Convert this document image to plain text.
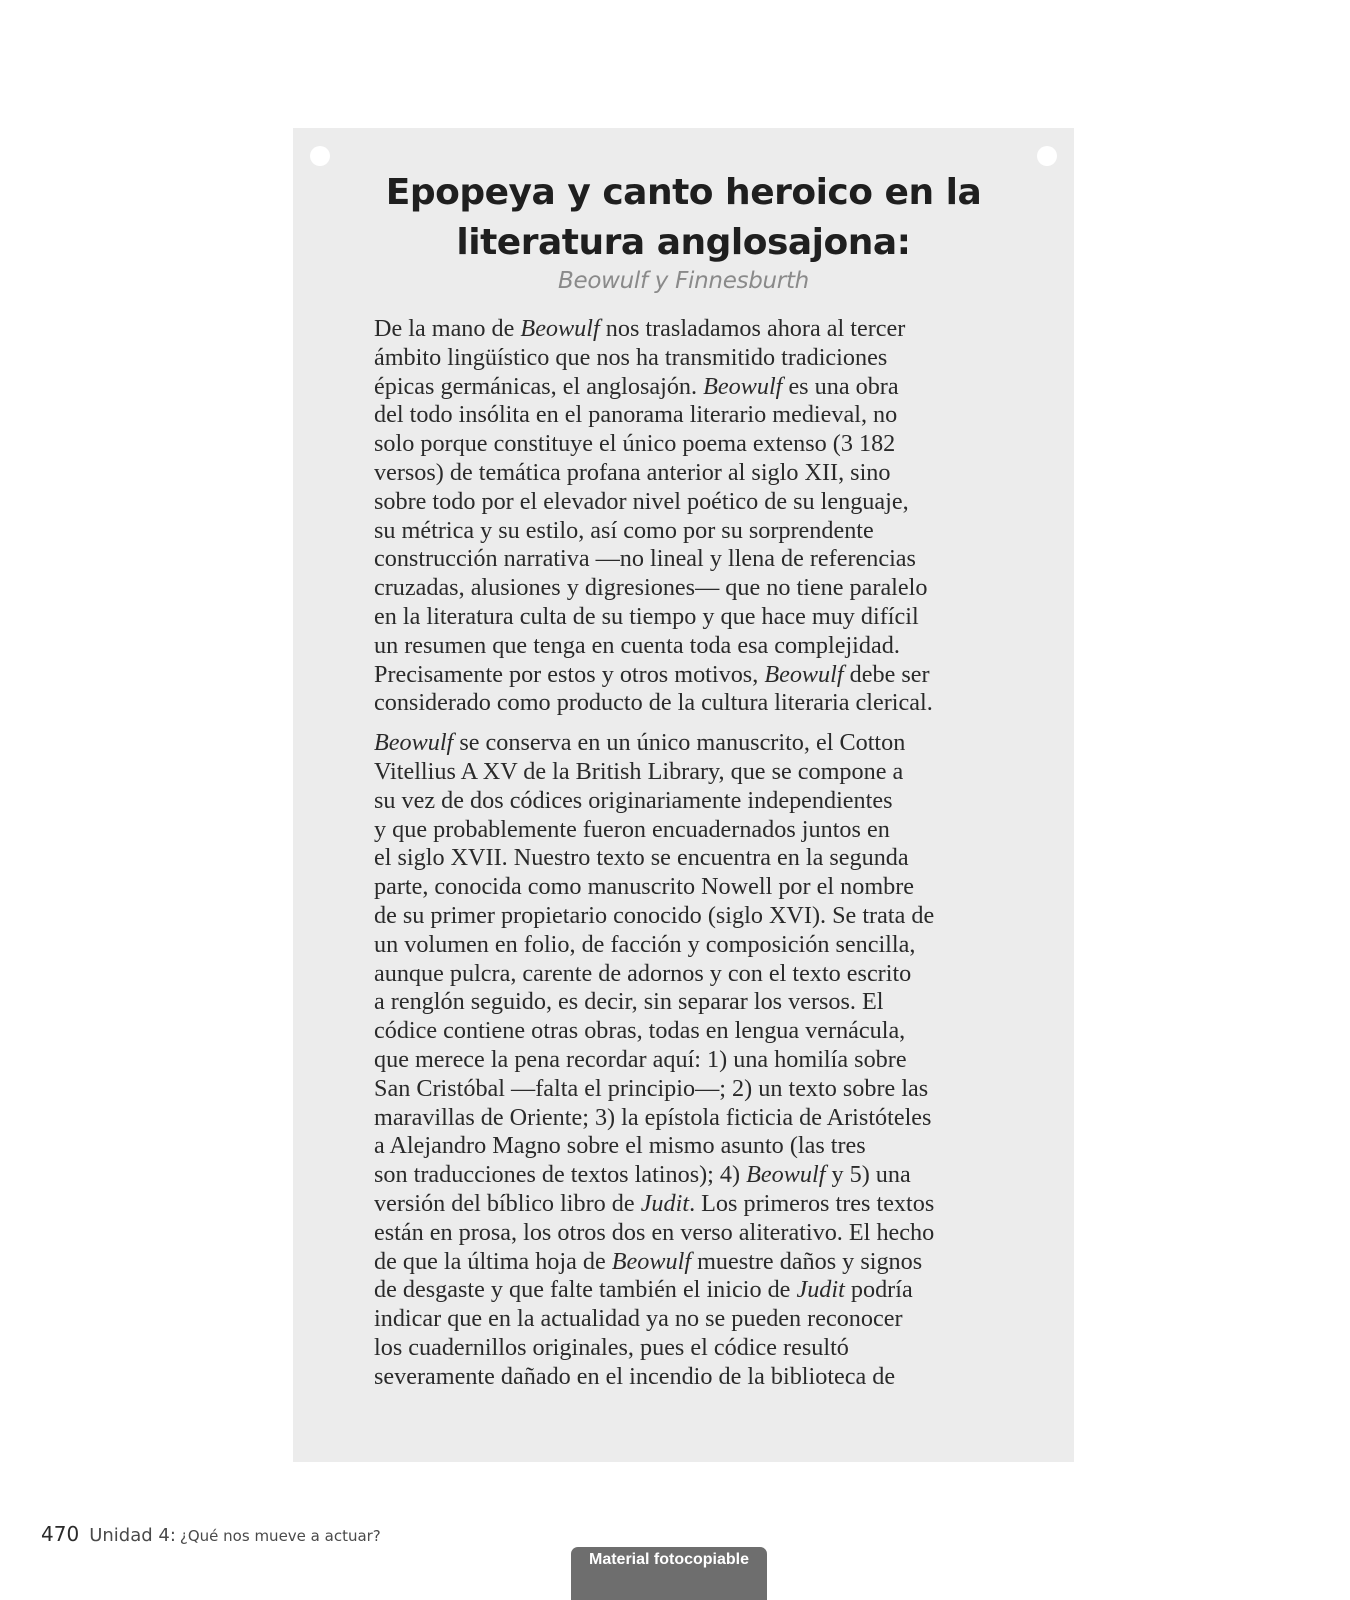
Epopeya y canto heroico en la
literatura anglosajona:
Beowulf y Finnesburth
De la mano de Beowulf nos trasladamos ahora al tercer
ámbito lingüístico que nos ha transmitido tradiciones
épicas germánicas, el anglosajón. Beowulf es una obra
del todo insólita en el panorama literario medieval, no
solo porque constituye el único poema extenso (3 182
versos) de temática profana anterior al siglo XII, sino
sobre todo por el elevador nivel poético de su lenguaje,
su métrica y su estilo, así como por su sorprendente
construcción narrativa —no lineal y llena de referencias
cruzadas, alusiones y digresiones— que no tiene paralelo
en la literatura culta de su tiempo y que hace muy difícil
un resumen que tenga en cuenta toda esa complejidad.
Precisamente por estos y otros motivos, Beowulf debe ser
considerado como producto de la cultura literaria clerical.
Beowulf se conserva en un único manuscrito, el Cotton
Vitellius A XV de la British Library, que se compone a
su vez de dos códices originariamente independientes
y que probablemente fueron encuadernados juntos en
el siglo XVII. Nuestro texto se encuentra en la segunda
parte, conocida como manuscrito Nowell por el nombre
de su primer propietario conocido (siglo XVI). Se trata de
un volumen en folio, de facción y composición sencilla,
aunque pulcra, carente de adornos y con el texto escrito
a renglón seguido, es decir, sin separar los versos. El
códice contiene otras obras, todas en lengua vernácula,
que merece la pena recordar aquí: 1) una homilía sobre
San Cristóbal —falta el principio—; 2) un texto sobre las
maravillas de Oriente; 3) la epístola ficticia de Aristóteles
a Alejandro Magno sobre el mismo asunto (las tres
son traducciones de textos latinos); 4) Beowulf y 5) una
versión del bíblico libro de Judit. Los primeros tres textos
están en prosa, los otros dos en verso aliterativo. El hecho
de que la última hoja de Beowulf muestre daños y signos
de desgaste y que falte también el inicio de Judit podría
indicar que en la actualidad ya no se pueden reconocer
los cuadernillos originales, pues el códice resultó
severamente dañado en el incendio de la biblioteca de
470 Unidad 4: ¿Qué nos mueve a actuar?
Material fotocopiable
